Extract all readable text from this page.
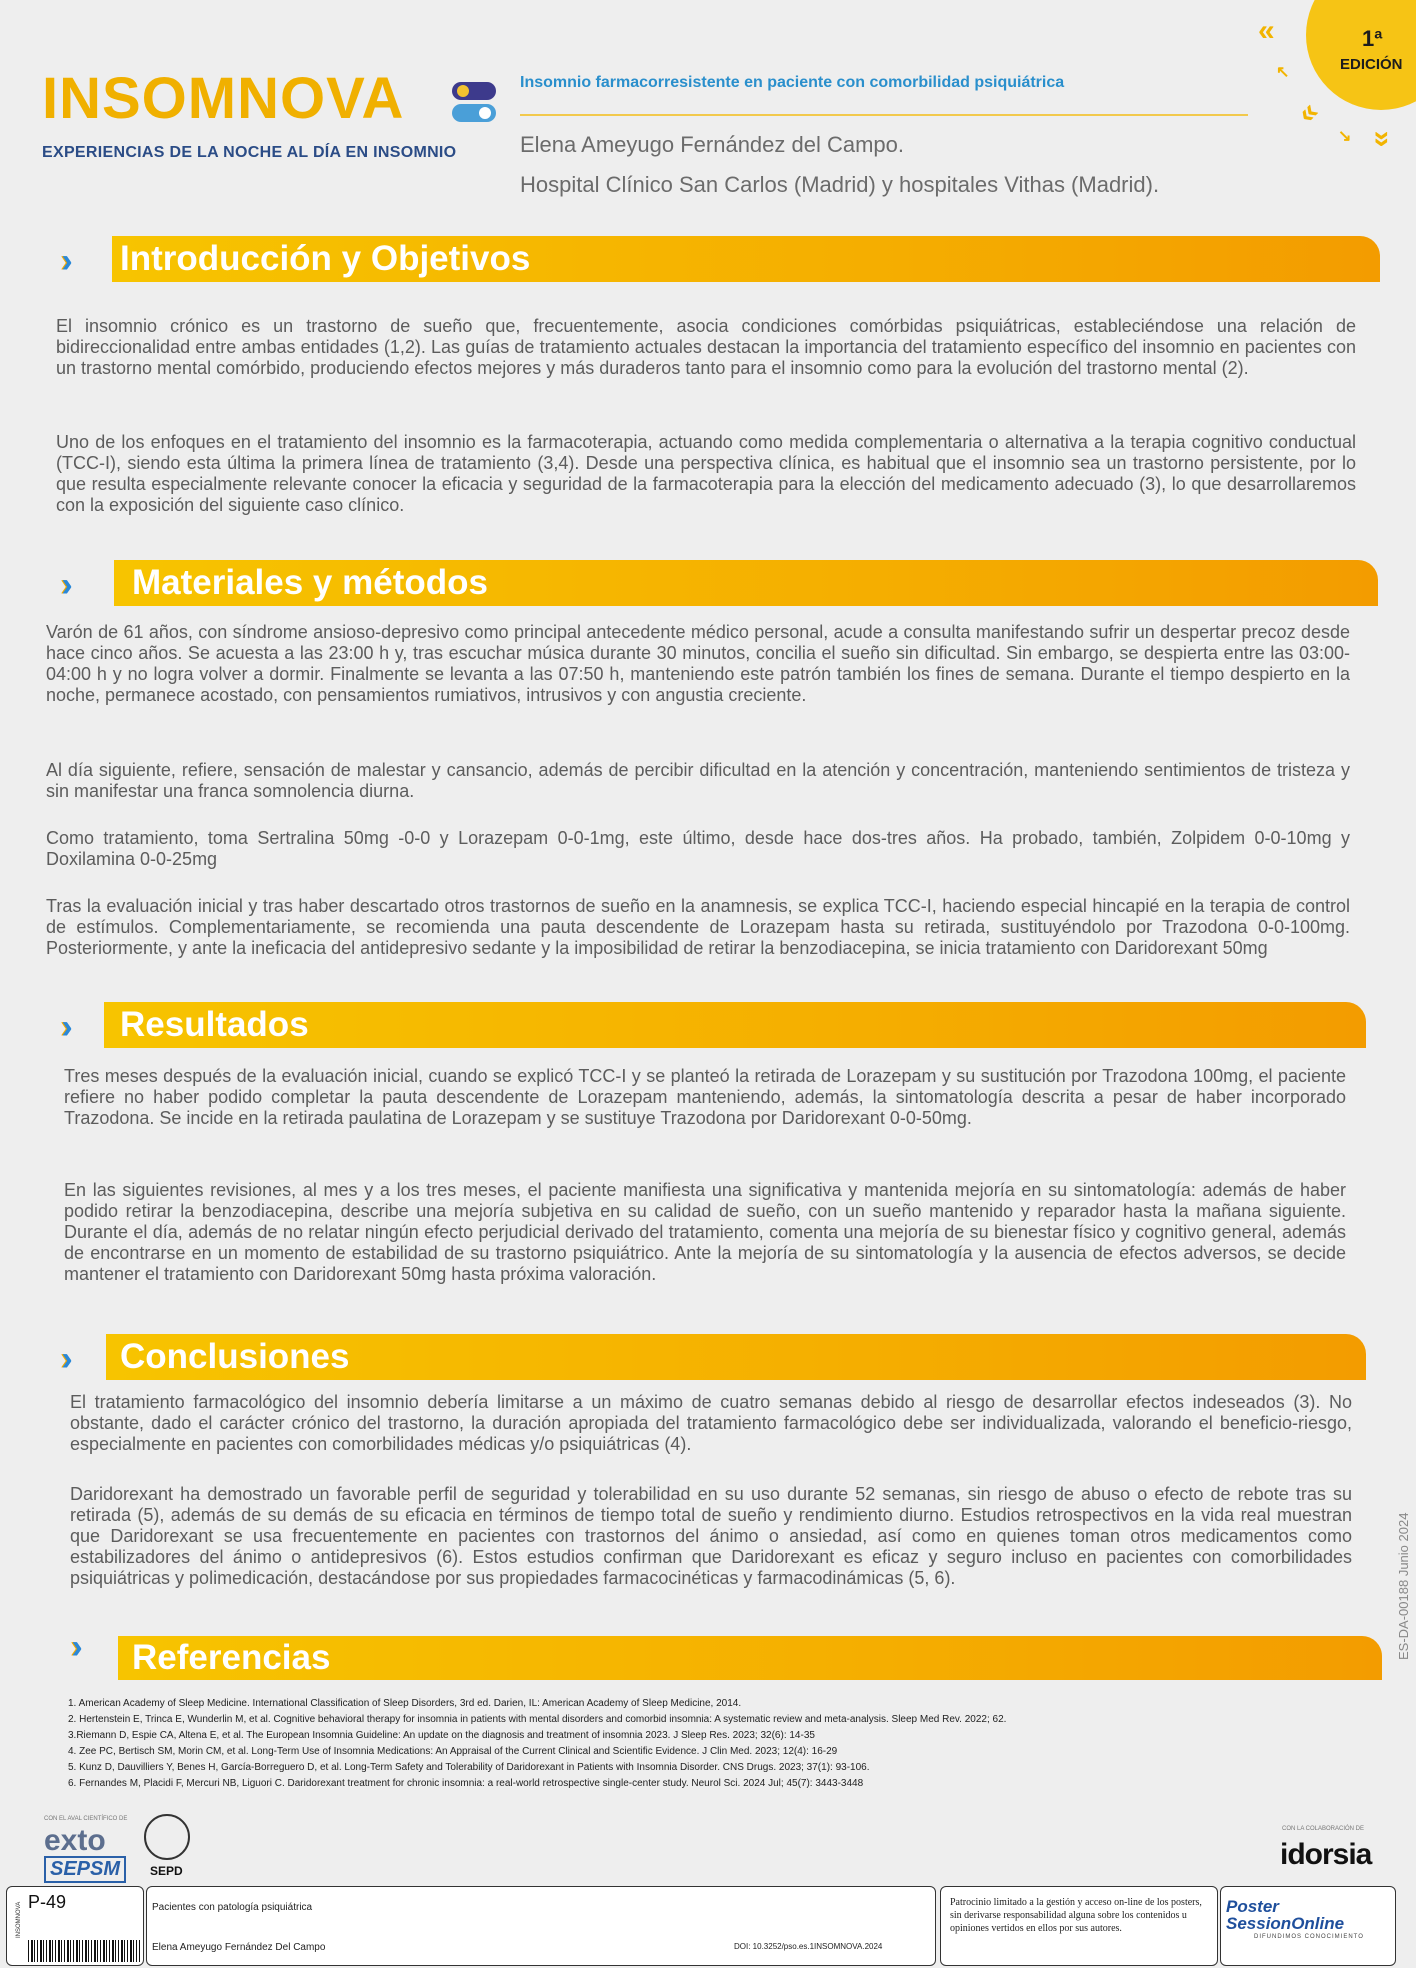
INSOMNOVA
EXPERIENCIAS DE LA NOCHE AL DÍA EN INSOMNIO
Insomnio farmacorresistente en paciente con comorbilidad psiquiátrica
Elena Ameyugo Fernández del Campo.
Hospital Clínico San Carlos (Madrid) y hospitales Vithas (Madrid).
1ª
EDICIÓN
«
«
»
↖
↘
›› Introducción y Objetivos

El insomnio crónico es un trastorno de sueño que, frecuentemente, asocia condiciones comórbidas psiquiátricas, estableciéndose una relación de bidireccionalidad entre ambas entidades (1,2). Las guías de tratamiento actuales destacan la importancia del tratamiento específico del insomnio en pacientes con un trastorno mental comórbido, produciendo efectos mejores y más duraderos tanto para el insomnio como para la evolución del trastorno mental (2).

Uno de los enfoques en el tratamiento del insomnio es la farmacoterapia, actuando como medida complementaria o alternativa a la terapia cognitivo conductual (TCC-I), siendo esta última la primera línea de tratamiento (3,4). Desde una perspectiva clínica, es habitual que el insomnio sea un trastorno persistente, por lo que resulta especialmente relevante conocer la eficacia y seguridad de la farmacoterapia para la elección del medicamento adecuado (3), lo que desarrollaremos con la exposición del siguiente caso clínico.

›› Materiales y métodos

Varón de 61 años, con síndrome ansioso-depresivo como principal antecedente médico personal, acude a consulta manifestando sufrir un despertar precoz desde hace cinco años. Se acuesta a las 23:00 h y, tras escuchar música durante 30 minutos, concilia el sueño sin dificultad. Sin embargo, se despierta entre las 03:00-04:00 h y no logra volver a dormir. Finalmente se levanta a las 07:50 h, manteniendo este patrón también los fines de semana. Durante el tiempo despierto en la noche, permanece acostado, con pensamientos rumiativos, intrusivos y con angustia creciente.

Al día siguiente, refiere, sensación de malestar y cansancio, además de percibir dificultad en la atención y concentración, manteniendo sentimientos de tristeza y sin manifestar una franca somnolencia diurna.

Como tratamiento, toma Sertralina 50mg -0-0 y Lorazepam 0-0-1mg, este último, desde hace dos-tres años. Ha probado, también, Zolpidem 0-0-10mg y Doxilamina 0-0-25mg

Tras la evaluación inicial y tras haber descartado otros trastornos de sueño en la anamnesis, se explica TCC-I, haciendo especial hincapié en la terapia de control de estímulos. Complementariamente, se recomienda una pauta descendente de Lorazepam hasta su retirada, sustituyéndolo por Trazodona 0-0-100mg. Posteriormente, y ante la ineficacia del antidepresivo sedante y la imposibilidad de retirar la benzodiacepina, se inicia tratamiento con Daridorexant 50mg

›› Resultados

Tres meses después de la evaluación inicial, cuando se explicó TCC-I y se planteó la retirada de Lorazepam y su sustitución por Trazodona 100mg, el paciente refiere no haber podido completar la pauta descendente de Lorazepam manteniendo, además, la sintomatología descrita a pesar de haber incorporado Trazodona. Se incide en la retirada paulatina de Lorazepam y se sustituye Trazodona por Daridorexant 0-0-50mg.

En las siguientes revisiones, al mes y a los tres meses, el paciente manifiesta una significativa y mantenida mejoría en su sintomatología: además de haber podido retirar la benzodiacepina, describe una mejoría subjetiva en su calidad de sueño, con un sueño mantenido y reparador hasta la mañana siguiente. Durante el día, además de no relatar ningún efecto perjudicial derivado del tratamiento, comenta una mejoría de su bienestar físico y cognitivo general, además de encontrarse en un momento de estabilidad de su trastorno psiquiátrico. Ante la mejoría de su sintomatología y la ausencia de efectos adversos, se decide mantener el tratamiento con Daridorexant 50mg hasta próxima valoración.

›› Conclusiones

El tratamiento farmacológico del insomnio debería limitarse a un máximo de cuatro semanas debido al riesgo de desarrollar efectos indeseados (3). No obstante, dado el carácter crónico del trastorno, la duración apropiada del tratamiento farmacológico debe ser individualizada, valorando el beneficio-riesgo, especialmente en pacientes con comorbilidades médicas y/o psiquiátricas (4).

Daridorexant ha demostrado un favorable perfil de seguridad y tolerabilidad en su uso durante 52 semanas, sin riesgo de abuso o efecto de rebote tras su retirada (5), además de su demás de su eficacia en términos de tiempo total de sueño y rendimiento diurno. Estudios retrospectivos en la vida real muestran que Daridorexant se usa frecuentemente en pacientes con trastornos del ánimo o ansiedad, así como en quienes toman otros medicamentos como estabilizadores del ánimo o antidepresivos (6). Estos estudios confirman que Daridorexant es eficaz y seguro incluso en pacientes con comorbilidades psiquiátricas y polimedicación, destacándose por sus propiedades farmacocinéticas y farmacodinámicas (5, 6).

›› Referencias
1. American Academy of Sleep Medicine. International Classification of Sleep Disorders, 3rd ed. Darien, IL: American Academy of Sleep Medicine, 2014.
2. Hertenstein E, Trinca E, Wunderlin M, et al. Cognitive behavioral therapy for insomnia in patients with mental disorders and comorbid insomnia: A systematic review and meta-analysis. Sleep Med Rev. 2022; 62.
3.Riemann D, Espie CA, Altena E, et al. The European Insomnia Guideline: An update on the diagnosis and treatment of insomnia 2023. J Sleep Res. 2023; 32(6): 14-35
4. Zee PC, Bertisch SM, Morin CM, et al. Long-Term Use of Insomnia Medications: An Appraisal of the Current Clinical and Scientific Evidence. J Clin Med. 2023; 12(4): 16-29
5. Kunz D, Dauvilliers Y, Benes H, García-Borreguero D, et al. Long-Term Safety and Tolerability of Daridorexant in Patients with Insomnia Disorder. CNS Drugs. 2023; 37(1): 93-106.
6. Fernandes M, Placidi F, Mercuri NB, Liguori C. Daridorexant treatment for chronic insomnia: a real-world retrospective single-center study. Neurol Sci. 2024 Jul; 45(7): 3443-3448
ES-DA-00188 Junio 2024
CON EL AVAL CIENTÍFICO DE
exto
SEPSM	SEPD
CON LA COLABORACIÓN DE
idorsia
INSOMNOVA P-49	Pacientes con patología psiquiátrica
Elena Ameyugo Fernández Del Campo	DOI: 10.3252/pso.es.1INSOMNOVA.2024
Patrocinio limitado a la gestión y acceso on-line de los posters, sin derivarse responsabilidad alguna sobre los contenidos u opiniones vertidos en ellos por sus autores.
Poster
SessionOnline
DIFUNDIMOS CONOCIMIENTO
